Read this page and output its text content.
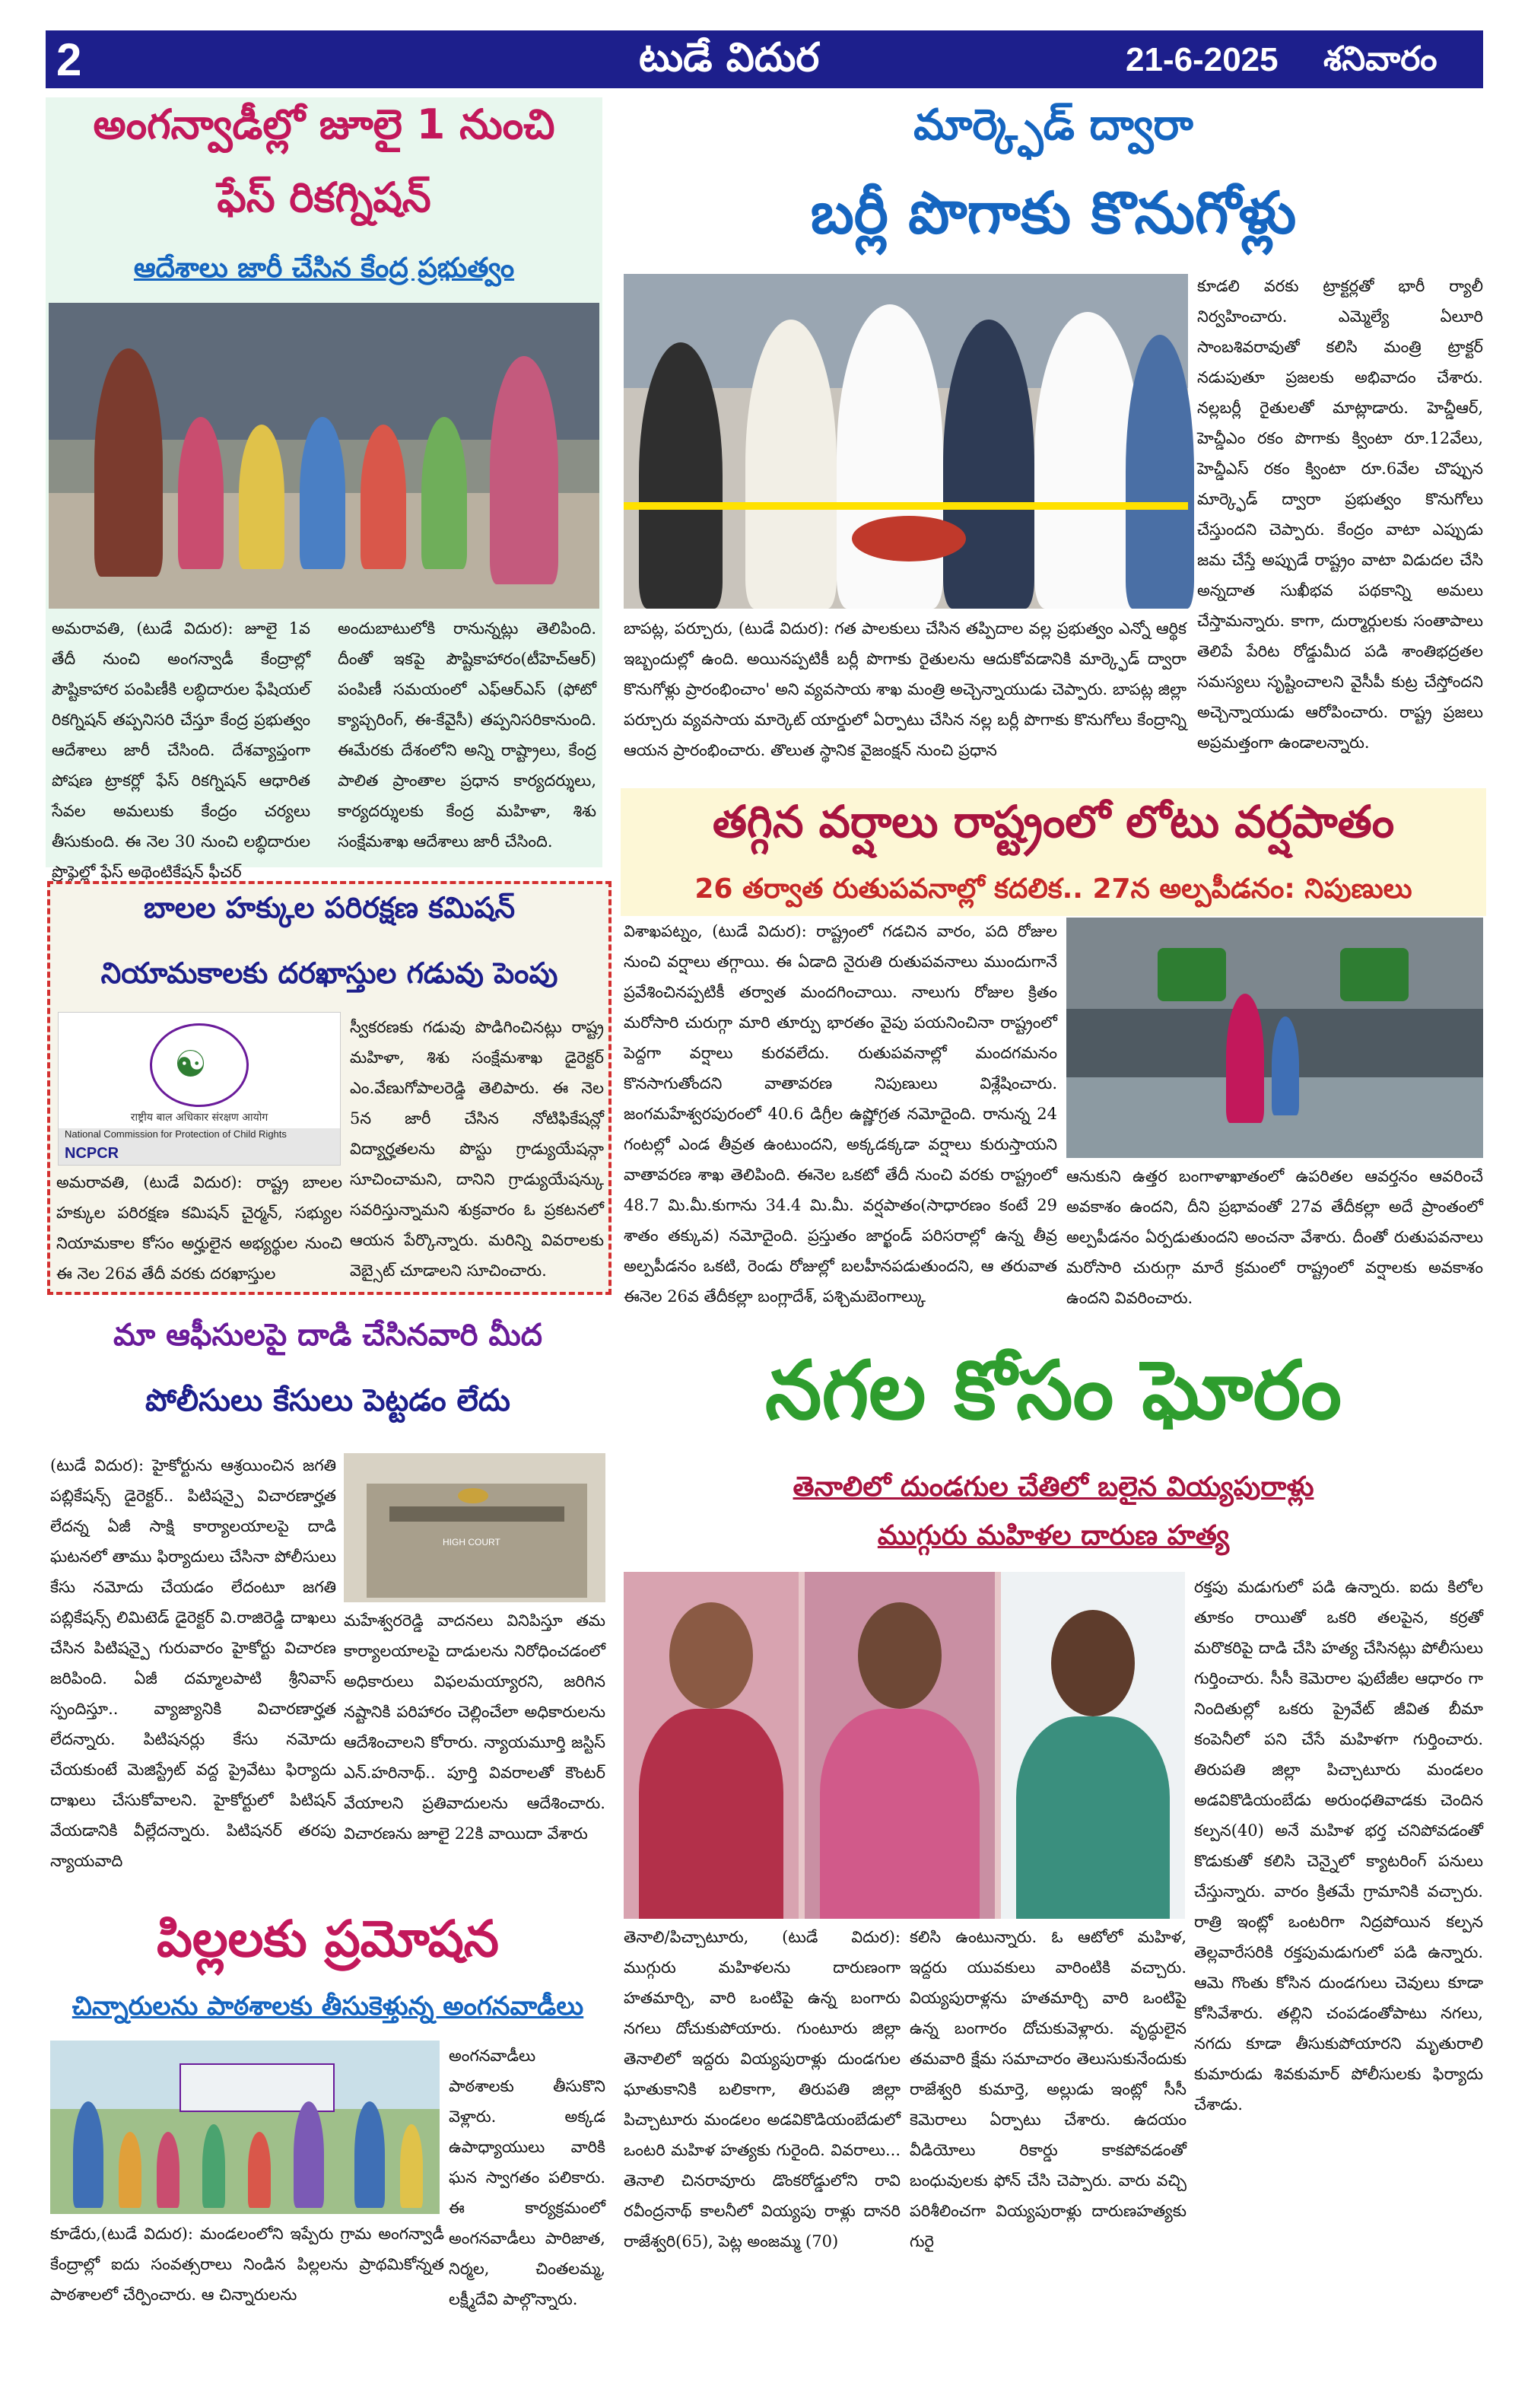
2	టుడే విదుర	21-6-2025 శనివారం
అంగన్వాడీల్లో జూలై 1 నుంచి
ఫేస్ రికగ్నిషన్
ఆదేశాలు జారీ చేసిన కేంద్ర ప్రభుత్వం
అమరావతి, (టుడే విదుర): జూలై 1వ తేదీ నుంచి అంగన్వాడీ కేంద్రాల్లో పౌష్టికాహార పంపిణీకి లబ్ధిదారుల ఫేషియల్ రికగ్నిషన్ తప్పనిసరి చేస్తూ కేంద్ర ప్రభుత్వం ఆదేశాలు జారీ చేసింది. దేశవ్యాప్తంగా పోషణ ట్రాకర్లో ఫేస్ రికగ్నిషన్ ఆధారిత సేవల అమలుకు కేంద్రం చర్యలు తీసుకుంది. ఈ నెల 30 నుంచి లబ్ధిదారుల ప్రొఫైల్లో ఫేస్ అథెంటికేషన్ ఫీచర్
అందుబాటులోకి రానున్నట్లు తెలిపింది. దీంతో ఇకపై పౌష్టికాహారం(టీహెచ్ఆర్) పంపిణీ సమయంలో ఎఫ్ఆర్ఎస్ (ఫోటో క్యాప్చరింగ్, ఈ-కేవైసీ) తప్పనిసరికానుంది. ఈమేరకు దేశంలోని అన్ని రాష్ట్రాలు, కేంద్ర పాలిత ప్రాంతాల ప్రధాన కార్యదర్శులు, కార్యదర్శులకు కేంద్ర మహిళా, శిశు సంక్షేమశాఖ ఆదేశాలు జారీ చేసింది.
బాలల హక్కుల పరిరక్షణ కమిషన్
నియామకాలకు దరఖాస్తుల గడువు పెంపు
☯
राष्ट्रीय बाल अधिकार संरक्षण आयोग
National Commission for Protection of Child Rights
NCPCR
స్వీకరణకు గడువు పొడిగించినట్లు రాష్ట్ర మహిళా, శిశు సంక్షేమశాఖ డైరెక్టర్ ఎం.వేణుగోపాలరెడ్డి తెలిపారు. ఈ నెల 5న జారీ చేసిన నోటిఫికేషన్లో విద్యార్హతలను పొస్టు గ్రాడ్యుయేషన్గా సూచించామని, దానిని గ్రాడ్యుయేషన్కు సవరిస్తున్నామని శుక్రవారం ఓ ప్రకటనలో ఆయన పేర్కొన్నారు. మరిన్ని వివరాలకు వెబ్సైట్ చూడాలని సూచించారు.
అమరావతి, (టుడే విదుర): రాష్ట్ర బాలల హక్కుల పరిరక్షణ కమిషన్ చైర్మన్, సభ్యుల నియామకాల కోసం అర్హులైన అభ్యర్థుల నుంచి ఈ నెల 26వ తేదీ వరకు దరఖాస్తుల
మా ఆఫీసులపై దాడి చేసినవారి మీద
పోలీసులు కేసులు పెట్టడం లేదు
(టుడే విదుర): హైకోర్టును ఆశ్రయించిన జగతి పబ్లికేషన్స్ డైరెక్టర్.. పిటిషన్పై విచారణార్హత లేదన్న ఏజీ సాక్షి కార్యాలయాలపై దాడి ఘటనలో తాము ఫిర్యాదులు చేసినా పోలీసులు కేసు నమోదు చేయడం లేదంటూ జగతి పబ్లికేషన్స్ లిమిటెడ్ డైరెక్టర్ వి.రాజిరెడ్డి దాఖలు చేసిన పిటిషన్పై గురువారం హైకోర్టు విచారణ జరిపింది. ఏజీ దమ్మాలపాటి శ్రీనివాస్ స్పందిస్తూ.. వ్యాజ్యానికి విచారణార్హత లేదన్నారు. పిటిషనర్లు కేసు నమోదు చేయకుంటే మెజిస్ట్రేట్ వద్ద ప్రైవేటు ఫిర్యాదు దాఖలు చేసుకోవాలని. హైకోర్టులో పిటిషన్ వేయడానికి వీల్లేదన్నారు. పిటిషనర్ తరపు న్యాయవాది
HIGH COURT
మహేశ్వరరెడ్డి వాదనలు వినిపిస్తూ తమ కార్యాలయాలపై దాడులను నిరోధించడంలో అధికారులు విఫలమయ్యారని, జరిగిన నష్టానికి పరిహారం చెల్లించేలా అధికారులను ఆదేశించాలని కోరారు. న్యాయమూర్తి జస్టిస్ ఎన్.హరినాథ్.. పూర్తి వివరాలతో కౌంటర్ వేయాలని ప్రతివాదులను ఆదేశించారు. విచారణను జూలై 22కి వాయిదా వేశారు
పిల్లలకు ప్రమోషన
చిన్నారులను పాఠశాలకు తీసుకెళ్తున్న అంగనవాడీలు
అంగనవాడీలు పాఠశాలకు తీసుకొని వెళ్లారు. అక్కడ ఉపాధ్యాయులు వారికి ఘన స్వాగతం పలికారు. ఈ కార్యక్రమంలో అంగనవాడీలు పారిజాత, నిర్మల, చింతలమ్మ, లక్ష్మీదేవి పాల్గొన్నారు.
కూడేరు,(టుడే విదుర): మండలంలోని ఇప్పేరు గ్రామ అంగన్వాడీ కేంద్రాల్లో ఐదు సంవత్సరాలు నిండిన పిల్లలను ప్రాథమికోన్నత పాఠశాలలో చేర్పించారు. ఆ చిన్నారులను
మార్క్ఫెడ్ ద్వారా
బర్లీ పొగాకు కొనుగోళ్లు
కూడలి వరకు ట్రాక్టర్లతో భారీ ర్యాలీ నిర్వహించారు. ఎమ్మెల్యే ఏలూరి సాంబశివరావుతో కలిసి మంత్రి ట్రాక్టర్ నడుపుతూ ప్రజలకు అభివాదం చేశారు. నల్లబర్లీ రైతులతో మాట్లాడారు. హెచ్డీఆర్, హెచ్డీఎం రకం పొగాకు క్వింటా రూ.12వేలు, హెచ్డీఎస్ రకం క్వింటా రూ.6వేల చొప్పున మార్క్ఫెడ్ ద్వారా ప్రభుత్వం కొనుగోలు చేస్తుందని చెప్పారు. కేంద్రం వాటా ఎప్పుడు జమ చేస్తే అప్పుడే రాష్ట్రం వాటా విడుదల చేసి అన్నదాత సుఖీభవ పథకాన్ని అమలు చేస్తామన్నారు. కాగా, దుర్మార్గులకు సంతాపాలు తెలిపే పేరిట రోడ్డుమీద పడి శాంతిభద్రతల సమస్యలు సృష్టించాలని వైసీపీ కుట్ర చేస్తోందని అచ్చెన్నాయుడు ఆరోపించారు. రాష్ట్ర ప్రజలు అప్రమత్తంగా ఉండాలన్నారు.
బాపట్ల, పర్చూరు, (టుడే విదుర): గత పాలకులు చేసిన తప్పిదాల వల్ల ప్రభుత్వం ఎన్నో ఆర్థిక ఇబ్బందుల్లో ఉంది. అయినప్పటికీ బర్లీ పొగాకు రైతులను ఆదుకోవడానికి మార్క్ఫెడ్ ద్వారా కొనుగోళ్లు ప్రారంభించాం' అని వ్యవసాయ శాఖ మంత్రి అచ్చెన్నాయుడు చెప్పారు. బాపట్ల జిల్లా పర్చూరు వ్యవసాయ మార్కెట్ యార్డులో ఏర్పాటు చేసిన నల్ల బర్లీ పొగాకు కొనుగోలు కేంద్రాన్ని ఆయన ప్రారంభించారు. తొలుత స్థానిక వైజంక్షన్ నుంచి ప్రధాన
తగ్గిన వర్షాలు రాష్ట్రంలో లోటు వర్షపాతం
26 తర్వాత రుతుపవనాల్లో కదలిక.. 27న అల్పపీడనం: నిపుణులు
విశాఖపట్నం, (టుడే విదుర): రాష్ట్రంలో గడచిన వారం, పది రోజుల నుంచి వర్షాలు తగ్గాయి. ఈ ఏడాది నైరుతి రుతుపవనాలు ముందుగానే ప్రవేశించినప్పటికీ తర్వాత మందగించాయి. నాలుగు రోజుల క్రితం మరోసారి చురుగ్గా మారి తూర్పు భారతం వైపు పయనించినా రాష్ట్రంలో పెద్దగా వర్షాలు కురవలేదు. రుతుపవనాల్లో మందగమనం కొనసాగుతోందని వాతావరణ నిపుణులు విశ్లేషించారు. జంగమహేశ్వరపురంలో 40.6 డిగ్రీల ఉష్ణోగ్రత నమోదైంది. రానున్న 24 గంటల్లో ఎండ తీవ్రత ఉంటుందని, అక్కడక్కడా వర్షాలు కురుస్తాయని వాతావరణ శాఖ తెలిపింది. ఈనెల ఒకటో తేదీ నుంచి వరకు రాష్ట్రంలో 48.7 మి.మీ.కుగాను 34.4 మి.మీ. వర్షపాతం(సాధారణం కంటే 29 శాతం తక్కువ) నమోదైంది. ప్రస్తుతం జార్ఖండ్ పరిసరాల్లో ఉన్న తీవ్ర అల్పపీడనం ఒకటి, రెండు రోజుల్లో బలహీనపడుతుందని, ఆ తరువాత ఈనెల 26వ తేదీకల్లా బంగ్లాదేశ్, పశ్చిమబెంగాల్కు
ఆనుకుని ఉత్తర బంగాళాఖాతంలో ఉపరితల ఆవర్తనం ఆవరించే అవకాశం ఉందని, దీని ప్రభావంతో 27వ తేదీకల్లా అదే ప్రాంతంలో అల్పపీడనం ఏర్పడుతుందని అంచనా వేశారు. దీంతో రుతుపవనాలు మరోసారి చురుగ్గా మారే క్రమంలో రాష్ట్రంలో వర్షాలకు అవకాశం ఉందని వివరించారు.
నగల కోసం ఘోరం
తెనాలిలో దుండగుల చేతిలో బలైన వియ్యపురాళ్లు
ముగ్గురు మహిళల దారుణ హత్య
రక్తపు మడుగులో పడి ఉన్నారు. ఐదు కిలోల తూకం రాయితో ఒకరి తలపైన, కర్రతో మరొకరిపై దాడి చేసి హత్య చేసినట్లు పోలీసులు గుర్తించారు. సీసీ కెమెరాల ఫుటేజీల ఆధారం గా నిందితుల్లో ఒకరు ప్రైవేట్ జీవిత బీమా కంపెనీలో పని చేసే మహిళగా గుర్తించారు. తిరుపతి జిల్లా పిచ్చాటూరు మండలం అడవికొడియంబేడు అరుంధతివాడకు చెందిన కల్పన(40) అనే మహిళ భర్త చనిపోవడంతో కొడుకుతో కలిసి చెన్నైలో క్యాటరింగ్ పనులు చేస్తున్నారు. వారం క్రితమే గ్రామానికి వచ్చారు. రాత్రి ఇంట్లో ఒంటరిగా నిద్రపోయిన కల్పన తెల్లవారేసరికి రక్తపుమడుగులో పడి ఉన్నారు. ఆమె గొంతు కోసిన దుండగులు చెవులు కూడా కోసివేశారు. తల్లిని చంపడంతోపాటు నగలు, నగదు కూడా తీసుకుపోయారని మృతురాలి కుమారుడు శివకుమార్ పోలీసులకు ఫిర్యాదు చేశాడు.
తెనాలి/పిచ్చాటూరు, (టుడే విదుర): ముగ్గురు మహిళలను దారుణంగా హతమార్చి, వారి ఒంటిపై ఉన్న బంగారు నగలు దోచుకుపోయారు. గుంటూరు జిల్లా తెనాలిలో ఇద్దరు వియ్యపురాళ్లు దుండగుల ఘాతుకానికి బలికాగా, తిరుపతి జిల్లా పిచ్చాటూరు మండలం అడవికొడియంబేడులో ఒంటరి మహిళ హత్యకు గురైంది. వివరాలు... తెనాలి చినరావూరు డొంకరోడ్డులోని రావి రవీంద్రనాథ్ కాలనీలో వియ్యపు రాళ్లు దానరి రాజేశ్వరి(65), పెట్ల అంజమ్మ (70)
కలిసి ఉంటున్నారు. ఓ ఆటోలో మహిళ, ఇద్దరు యువకులు వారింటికి వచ్చారు. వియ్యపురాళ్లను హతమార్చి వారి ఒంటిపై ఉన్న బంగారం దోచుకువెళ్లారు. వృద్ధులైన తమవారి క్షేమ సమాచారం తెలుసుకునేందుకు రాజేశ్వరి కుమార్తె, అల్లుడు ఇంట్లో సీసీ కెమెరాలు ఏర్పాటు చేశారు. ఉదయం వీడియోలు రికార్డు కాకపోవడంతో బంధువులకు ఫోన్ చేసి చెప్పారు. వారు వచ్చి పరిశీలించగా వియ్యపురాళ్లు దారుణహత్యకు గురై
